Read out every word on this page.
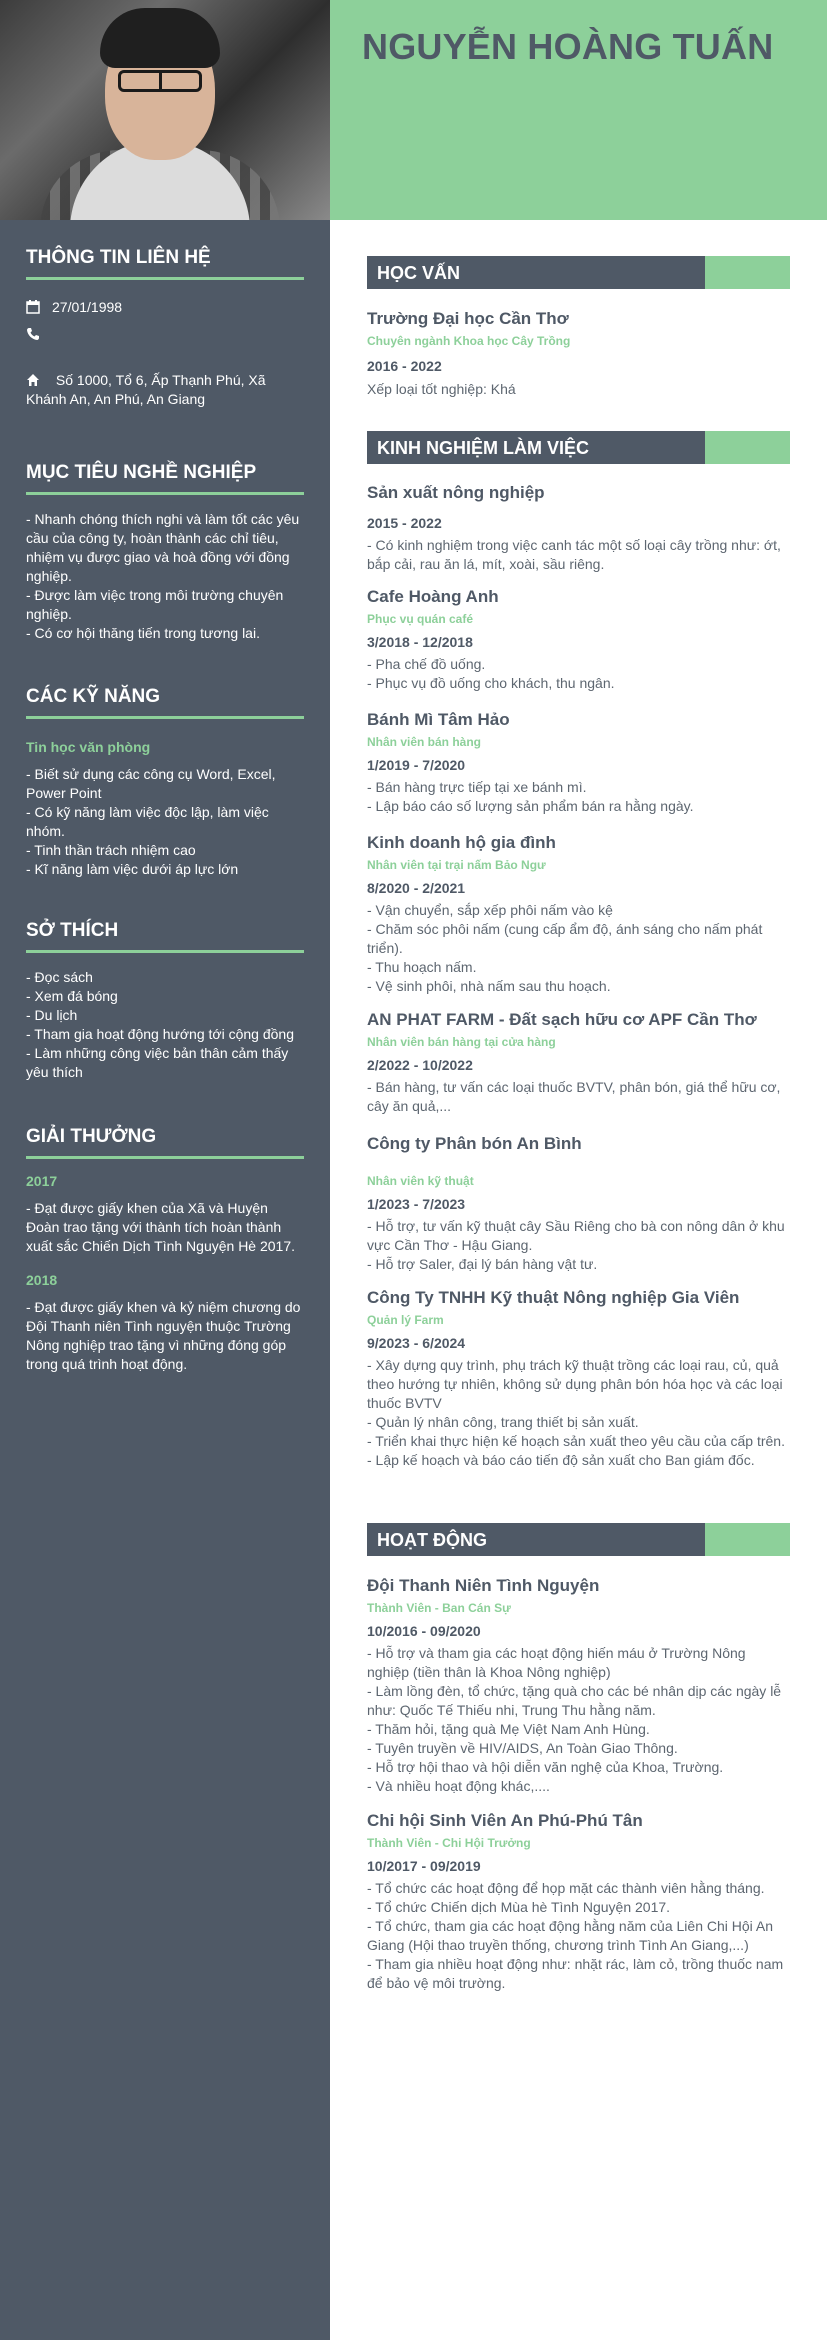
NGUYỄN HOÀNG TUẤN
THÔNG TIN LIÊN HỆ
27/01/1998
Số 1000, Tổ 6, Ấp Thạnh Phú, Xã Khánh An, An Phú, An Giang
MỤC TIÊU NGHỀ NGHIỆP
- Nhanh chóng thích nghi và làm tốt các yêu cầu của công ty, hoàn thành các chỉ tiêu, nhiệm vụ được giao và hoà đồng với đồng nghiệp.
- Được làm việc trong môi trường chuyên nghiệp.
- Có cơ hội thăng tiến trong tương lai.
CÁC KỸ NĂNG
Tin học văn phòng
- Biết sử dụng các công cụ Word, Excel, Power Point
- Có kỹ năng làm việc độc lập, làm việc nhóm.
- Tinh thần trách nhiệm cao
- Kĩ năng làm việc dưới áp lực lớn
SỞ THÍCH
- Đọc sách
- Xem đá bóng
- Du lịch
- Tham gia hoạt động hướng tới cộng đồng
- Làm những công việc bản thân cảm thấy yêu thích
GIẢI THƯỞNG
2017
- Đạt được giấy khen của Xã và Huyện Đoàn trao tặng với thành tích hoàn thành xuất sắc Chiến Dịch Tình Nguyện Hè 2017.
2018
- Đạt được giấy khen và kỷ niệm chương do Đội Thanh niên Tình nguyện thuộc Trường Nông nghiệp trao tặng vì những đóng góp trong quá trình hoạt động.
HỌC VẤN
Trường Đại học Cần Thơ
Chuyên ngành Khoa học Cây Trồng
2016 - 2022
Xếp loại tốt nghiệp: Khá
KINH NGHIỆM LÀM VIỆC
Sản xuất nông nghiệp
2015 - 2022
- Có kinh nghiệm trong việc canh tác một số loại cây trồng như: ớt, bắp cải, rau ăn lá, mít, xoài, sầu riêng.
Cafe Hoàng Anh
Phục vụ quán café
3/2018 - 12/2018
- Pha chế đồ uống.
- Phục vụ đồ uống cho khách, thu ngân.
Bánh Mì Tâm Hảo
Nhân viên bán hàng
1/2019 - 7/2020
- Bán hàng trực tiếp tại xe bánh mì.
- Lập báo cáo số lượng sản phẩm bán ra hằng ngày.
Kinh doanh hộ gia đình
Nhân viên tại trại nấm Bảo Ngư
8/2020 - 2/2021
- Vận chuyển, sắp xếp phôi nấm vào kệ
- Chăm sóc phôi nấm (cung cấp ẩm độ, ánh sáng cho nấm phát triển).
- Thu hoạch nấm.
- Vệ sinh phôi, nhà nấm sau thu hoạch.
AN PHAT FARM - Đất sạch hữu cơ APF Cần Thơ
Nhân viên bán hàng tại cửa hàng
2/2022 - 10/2022
- Bán hàng, tư vấn các loại thuốc BVTV, phân bón, giá thể hữu cơ, cây ăn quả,...
Công ty Phân bón An Bình
Nhân viên kỹ thuật
1/2023 - 7/2023
- Hỗ trợ, tư vấn kỹ thuật cây Sầu Riêng cho bà con nông dân ở khu vực Cần Thơ - Hậu Giang.
- Hỗ trợ Saler, đại lý bán hàng vật tư.
Công Ty TNHH Kỹ thuật Nông nghiệp Gia Viên
Quản lý Farm
9/2023 - 6/2024
- Xây dựng quy trình, phụ trách kỹ thuật trồng các loại rau, củ, quả theo hướng tự nhiên, không sử dụng phân bón hóa học và các loại thuốc BVTV
- Quản lý nhân công, trang thiết bị sản xuất.
- Triển khai thực hiện kế hoạch sản xuất theo yêu cầu của cấp trên.
- Lập kế hoạch và báo cáo tiến độ sản xuất cho Ban giám đốc.
HOẠT ĐỘNG
Đội Thanh Niên Tình Nguyện
Thành Viên - Ban Cán Sự
10/2016 - 09/2020
- Hỗ trợ và tham gia các hoạt động hiến máu ở Trường Nông nghiệp (tiền thân là Khoa Nông nghiệp)
- Làm lồng đèn, tổ chức, tặng quà cho các bé nhân dịp các ngày lễ như: Quốc Tế Thiếu nhi, Trung Thu hằng năm.
- Thăm hỏi, tặng quà Mẹ Việt Nam Anh Hùng.
- Tuyên truyền về HIV/AIDS, An Toàn Giao Thông.
- Hỗ trợ hội thao và hội diễn văn nghệ của Khoa, Trường.
- Và nhiều hoạt động khác,....
Chi hội Sinh Viên An Phú-Phú Tân
Thành Viên - Chi Hội Trưởng
10/2017 - 09/2019
- Tổ chức các hoạt động để họp mặt các thành viên hằng tháng.
- Tổ chức Chiến dịch Mùa hè Tình Nguyện 2017.
- Tổ chức, tham gia các hoạt động hằng năm của Liên Chi Hội An Giang (Hội thao truyền thống, chương trình Tình An Giang,...)
- Tham gia nhiều hoạt động như: nhặt rác, làm cỏ, trồng thuốc nam để bảo vệ môi trường.
